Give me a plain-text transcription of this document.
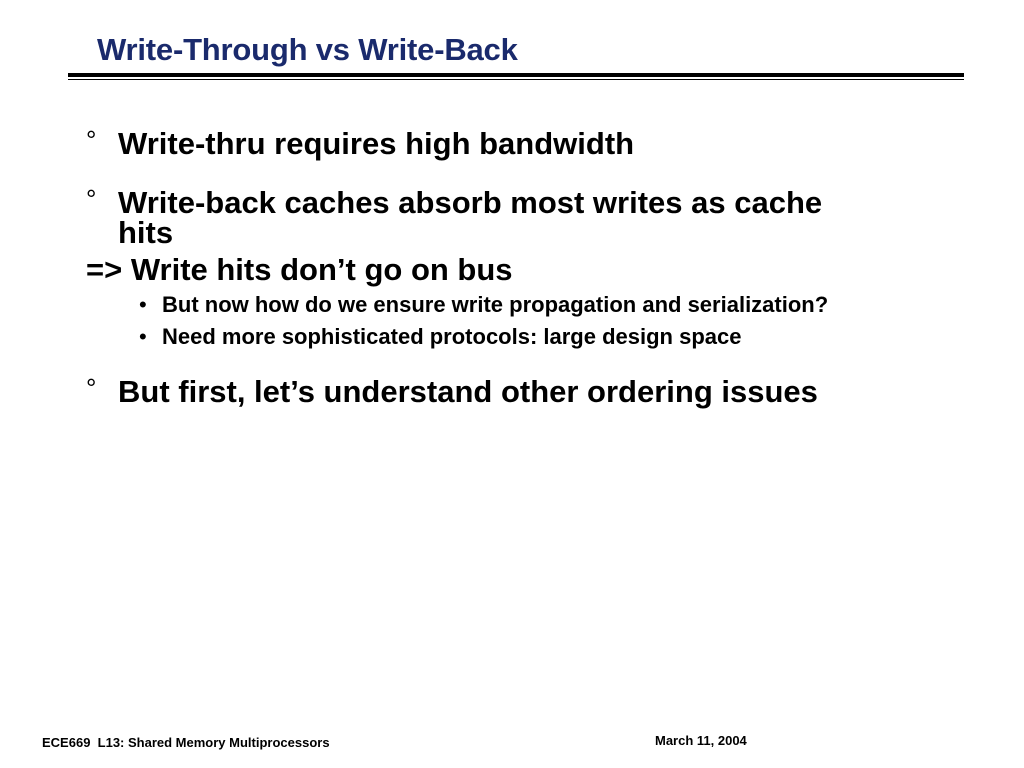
Write-Through vs Write-Back
° Write-thru requires high bandwidth
° Write-back caches absorb most writes as cache
hits
=> Write hits don’t go on bus
• But now how do we ensure write propagation and serialization?
• Need more sophisticated protocols: large design space
° But first, let’s understand other ordering issues
ECE669  L13: Shared Memory Multiprocessors	March 11, 2004
